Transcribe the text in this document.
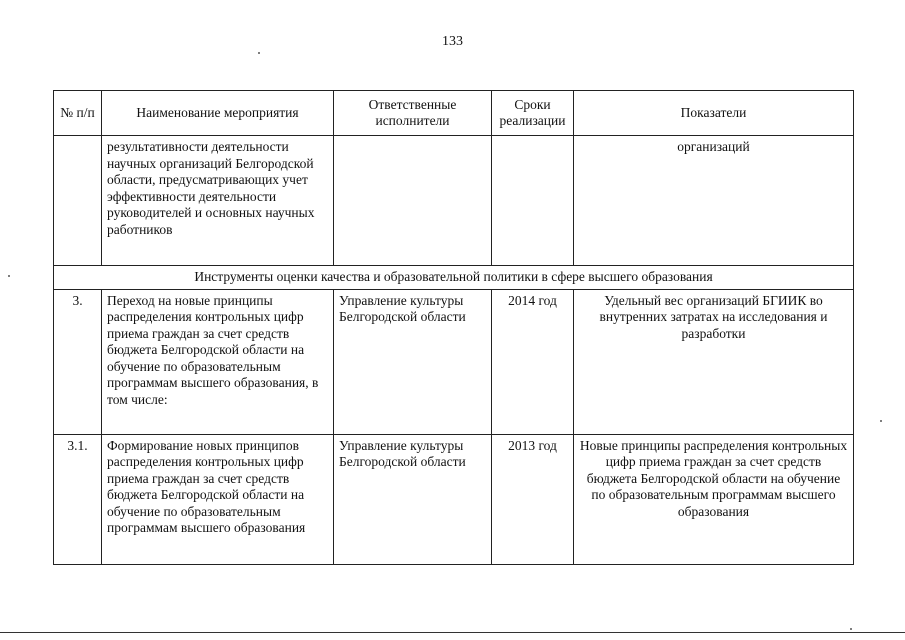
133
№ п/п	Наименование мероприятия	Ответственные исполнители	Сроки реализации	Показатели
	результативности деятельности научных организаций Белгородской области, предусматривающих учет эффективности деятельности руководителей и основных научных работников			организаций
Инструменты оценки качества и образовательной политики в сфере высшего образования				
3.	Переход на новые принципы распределения контрольных цифр приема граждан за счет средств бюджета Белгородской области на обучение по образовательным программам высшего образования, в том числе:	Управление культуры Белгородской области	2014 год	Удельный вес организаций БГИИК во внутренних затратах на исследования и разработки
3.1.	Формирование новых принципов распределения контрольных цифр приема граждан за счет средств бюджета Белгородской области на обучение по образовательным программам высшего образования	Управление культуры Белгородской области	2013 год	Новые принципы распределения контрольных цифр приема граждан за счет средств бюджета Белгородской области на обучение по образовательным программам высшего образования
